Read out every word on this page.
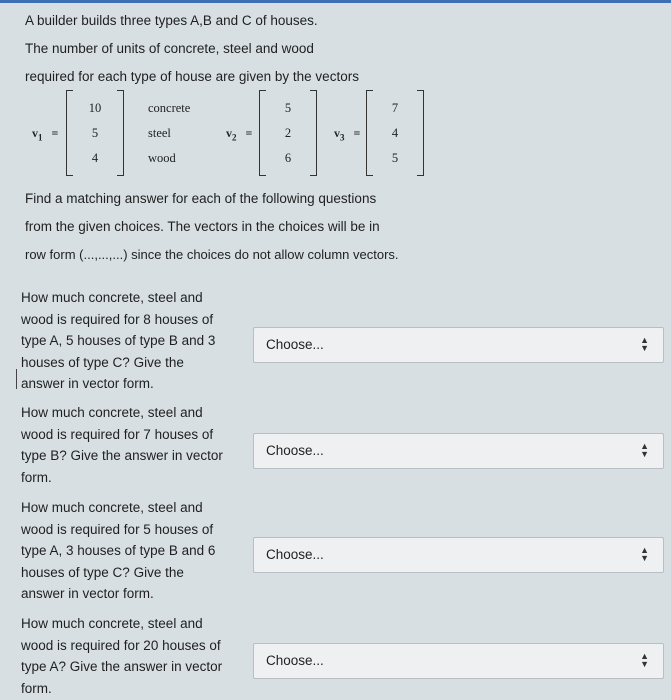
A builder builds three types A,B and C of houses.
The number of units of concrete, steel and wood
required for each type of house are given by the vectors
$v_1$ =
10
5
4
concrete
steel
wood
$v_2$ =
5
2
6
$v_3$ =
7
4
5
Find a matching answer for each of the following questions
from the given choices. The vectors in the choices will be in
row form (...,...,...) since the choices do not allow column vectors.
How much concrete, steel and
wood is required for 8 houses of
type A, 5 houses of type B and 3
houses of type C? Give the
answer in vector form.
Choose...	▲
▼
How much concrete, steel and
wood is required for 7 houses of
type B? Give the answer in vector
form.
Choose...	▲
▼
How much concrete, steel and
wood is required for 5 houses of
type A, 3 houses of type B and 6
houses of type C? Give the
answer in vector form.
Choose...	▲
▼
How much concrete, steel and
wood is required for 20 houses of
type A? Give the answer in vector
form.
Choose...	▲
▼
